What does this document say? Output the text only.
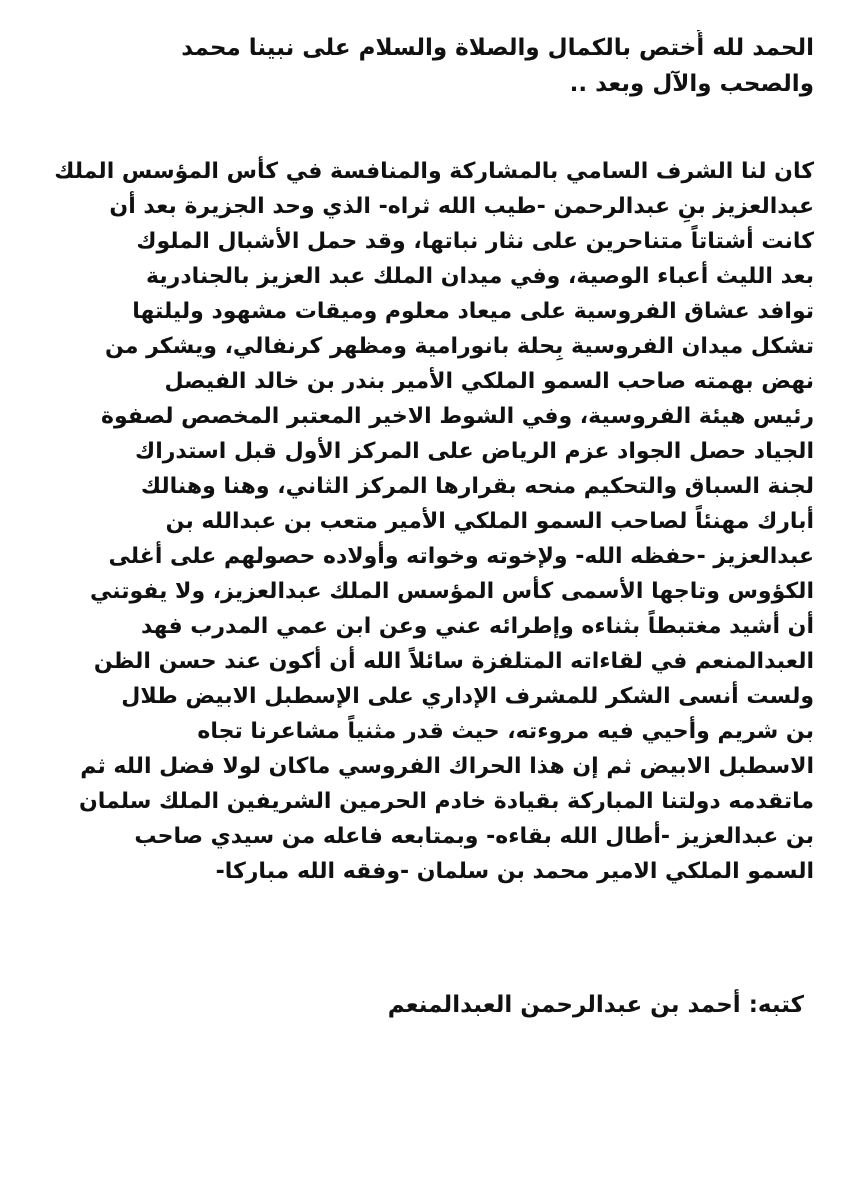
الحمد لله أُختص بالكمال والصلاة والسلام على نبينا محمد
والصحب والآل وبعد ..
كان لنا الشرف السامي بالمشاركة والمنافسة في كأس المؤسس الملك
عبدالعزيز بنِ عبدالرحمن -طيب الله ثراه- الذي وحد الجزيرة بعد أن
كانت أشتاتاً متناحرين على نثار نباتها، وقد حمل الأشبال الملوك
بعد الليث أعباء الوصية، وفي ميدان الملك عبد العزيز بالجنادرية
توافد عشاق الفروسية على ميعاد معلوم وميقات مشهود وليلتها
تشكل ميدان الفروسية بِحلة بانورامية ومظهر كرنفالي، ويشكر من
نهض بهمته صاحب السمو الملكي الأمير بندر بن خالد الفيصل
رئيس هيئة الفروسية، وفي الشوط الاخير المعتبر المخصص لصفوة
الجياد حصل الجواد عزم الرياض على المركز الأول قبل استدراك
لجنة السباق والتحكيم منحه بقرارها المركز الثاني، وهنا وهنالك
أبارك مهنئاً لصاحب السمو الملكي الأمير متعب بن عبدالله بن
عبدالعزيز -حفظه الله- ولإخوته وخواته وأولاده حصولهم على أغلى
الكؤوس وتاجها الأسمى كأس المؤسس الملك عبدالعزيز، ولا يفوتني
أن أشيد مغتبطاً بثناءه وإطرائه عني وعن ابن عمي المدرب فهد
العبدالمنعم في لقاءاته المتلفزة سائلاً الله أن أكون عند حسن الظن
ولست أنسى الشكر للمشرف الإداري على الإسطبل الابيض طلال
بن شريم وأحيي فيه مروءته، حيث قدر مثنياً مشاعرنا تجاه
الاسطبل الابيض ثم إن هذا الحراك الفروسي ماكان لولا فضل الله ثم
ماتقدمه دولتنا المباركة بقيادة خادم الحرمين الشريفين الملك سلمان
بن عبدالعزيز -أطال الله بقاءه- وبمتابعه فاعله من سيدي صاحب
السمو الملكي الامير محمد بن سلمان -وفقه الله مباركا-
كتبه: أحمد بن عبدالرحمن العبدالمنعم
